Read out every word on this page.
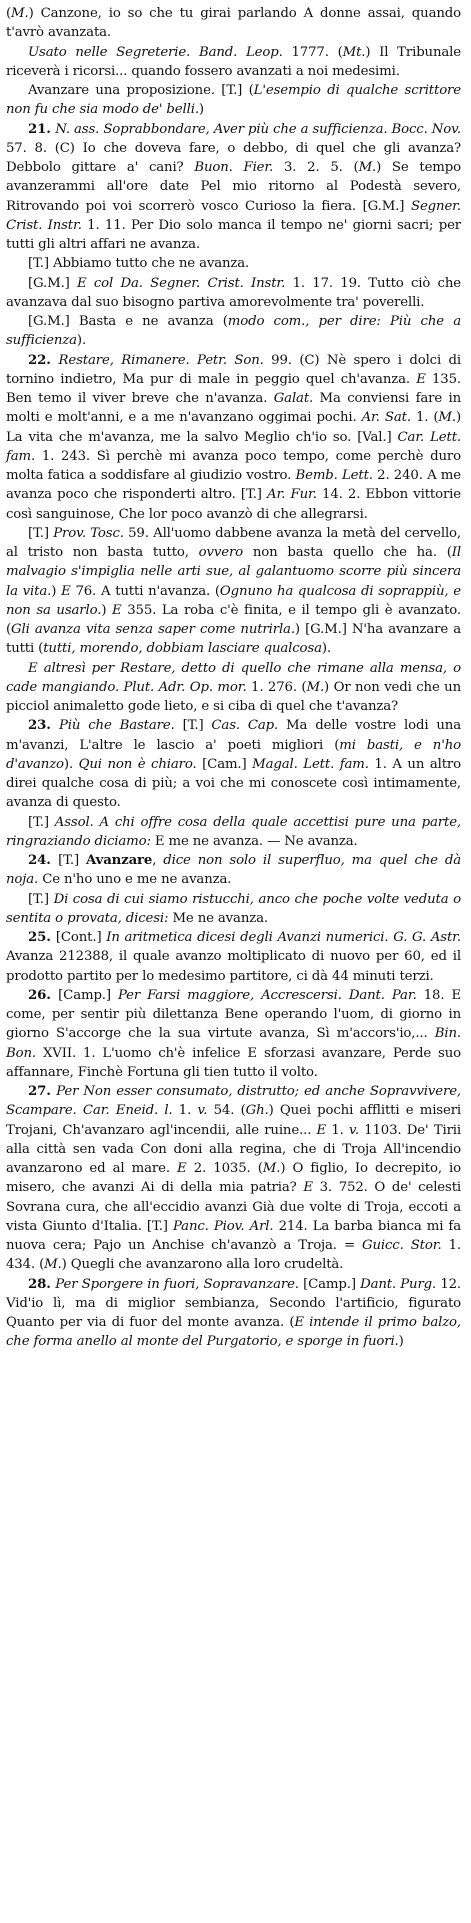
(M.) Canzone, io so che tu girai parlando A donne assai, quando t'avrò avanzata.

Usato nelle Segreterie. Band. Leop. 1777. (Mt.) Il Tribunale riceverà i ricorsi... quando fossero avanzati a noi medesimi.

Avanzare una proposizione. [T.] (L'esempio di qualche scrittore non fu che sia modo de' belli.)

21. N. ass. Soprabbondare, Aver più che a sufficienza. Bocc. Nov. 57. 8. (C) Io che doveva fare, o debbo, di quel che gli avanza? Debbolo gittare a' cani? Buon. Fier. 3. 2. 5. (M.) Se tempo avanzerammi all'ore date Pel mio ritorno al Podestà severo, Ritrovando poi voi scorrerò vosco Curioso la fiera. [G.M.] Segner. Crist. Instr. 1. 11. Per Dio solo manca il tempo ne' giorni sacri; per tutti gli altri affari ne avanza.

[T.] Abbiamo tutto che ne avanza.

[G.M.] E col Da. Segner. Crist. Instr. 1. 17. 19. Tutto ciò che avanzava dal suo bisogno partiva amorevolmente tra' poverelli.

[G.M.] Basta e ne avanza (modo com., per dire: Più che a sufficienza).

22. Restare, Rimanere. Petr. Son. 99. (C) Nè spero i dolci di tornino indietro, Ma pur di male in peggio quel ch'avanza. E 135. Ben temo il viver breve che n'avanza. Galat. Ma conviensi fare in molti e molt'anni, e a me n'avanzano oggimai pochi. Ar. Sat. 1. (M.) La vita che m'avanza, me la salvo Meglio ch'io so. [Val.] Car. Lett. fam. 1. 243. Sì perchè mi avanza poco tempo, come perchè duro molta fatica a soddisfare al giudizio vostro. Bemb. Lett. 2. 240. A me avanza poco che risponderti altro. [T.] Ar. Fur. 14. 2. Ebbon vittorie così sanguinose, Che lor poco avanzò di che allegrarsi.

[T.] Prov. Tosc. 59. All'uomo dabbene avanza la metà del cervello, al tristo non basta tutto, ovvero non basta quello che ha. (Il malvagio s'impiglia nelle arti sue, al galantuomo scorre più sincera la vita.) E 76. A tutti n'avanza. (Ognuno ha qualcosa di soprappiù, e non sa usarlo.) E 355. La roba c'è finita, e il tempo gli è avanzato. (Gli avanza vita senza saper come nutrirla.) [G.M.] N'ha avanzare a tutti (tutti, morendo, dobbiam lasciare qualcosa).

E altresì per Restare, detto di quello che rimane alla mensa, o cade mangiando. Plut. Adr. Op. mor. 1. 276. (M.) Or non vedi che un picciol animaletto gode lieto, e si ciba di quel che t'avanza?

23. Più che Bastare. [T.] Cas. Cap. Ma delle vostre lodi una m'avanzi, L'altre le lascio a' poeti migliori (mi basti, e n'ho d'avanzo). Qui non è chiaro. [Cam.] Magal. Lett. fam. 1. A un altro direi qualche cosa di più; a voi che mi conoscete così intimamente, avanza di questo.

[T.] Assol. A chi offre cosa della quale accettisi pure una parte, ringraziando diciamo: E me ne avanza. — Ne avanza.

24. [T.] Avanzare, dice non solo il superfluo, ma quel che dà noja. Ce n'ho uno e me ne avanza.

[T.] Di cosa di cui siamo ristucchi, anco che poche volte veduta o sentita o provata, dicesi: Me ne avanza.

25. [Cont.] In aritmetica dicesi degli Avanzi numerici. G. G. Astr. Avanza 212388, il quale avanzo moltiplicato di nuovo per 60, ed il prodotto partito per lo medesimo partitore, ci dà 44 minuti terzi.

26. [Camp.] Per Farsi maggiore, Accrescersi. Dant. Par. 18. E come, per sentir più dilettanza Bene operando l'uom, di giorno in giorno S'accorge che la sua virtute avanza, Sì m'accors'io,... Bin. Bon. XVII. 1. L'uomo ch'è infelice E sforzasi avanzare, Perde suo affannare, Finchè Fortuna gli tien tutto il volto.

27. Per Non esser consumato, distrutto; ed anche Sopravvivere, Scampare. Car. Eneid. l. 1. v. 54. (Gh.) Quei pochi afflitti e miseri Trojani, Ch'avanzaro agl'incendii, alle ruine... E 1. v. 1103. De' Tirii alla città sen vada Con doni alla regina, che di Troja All'incendio avanzarono ed al mare. E 2. 1035. (M.) O figlio, Io decrepito, io misero, che avanzi Ai di della mia patria? E 3. 752. O de' celesti Sovrana cura, che all'eccidio avanzi Già due volte di Troja, eccoti a vista Giunto d'Italia. [T.] Panc. Piov. Arl. 214. La barba bianca mi fa nuova cera; Pajo un Anchise ch'avanzò a Troja. = Guicc. Stor. 1. 434. (M.) Quegli che avanzarono alla loro crudeltà.

28. Per Sporgere in fuori, Sopravanzare. [Camp.] Dant. Purg. 12. Vid'io lì, ma di miglior sembianza, Secondo l'artificio, figurato Quanto per via di fuor del monte avanza. (E intende il primo balzo, che forma anello al monte del Purgatorio, e sporge in fuori.)
